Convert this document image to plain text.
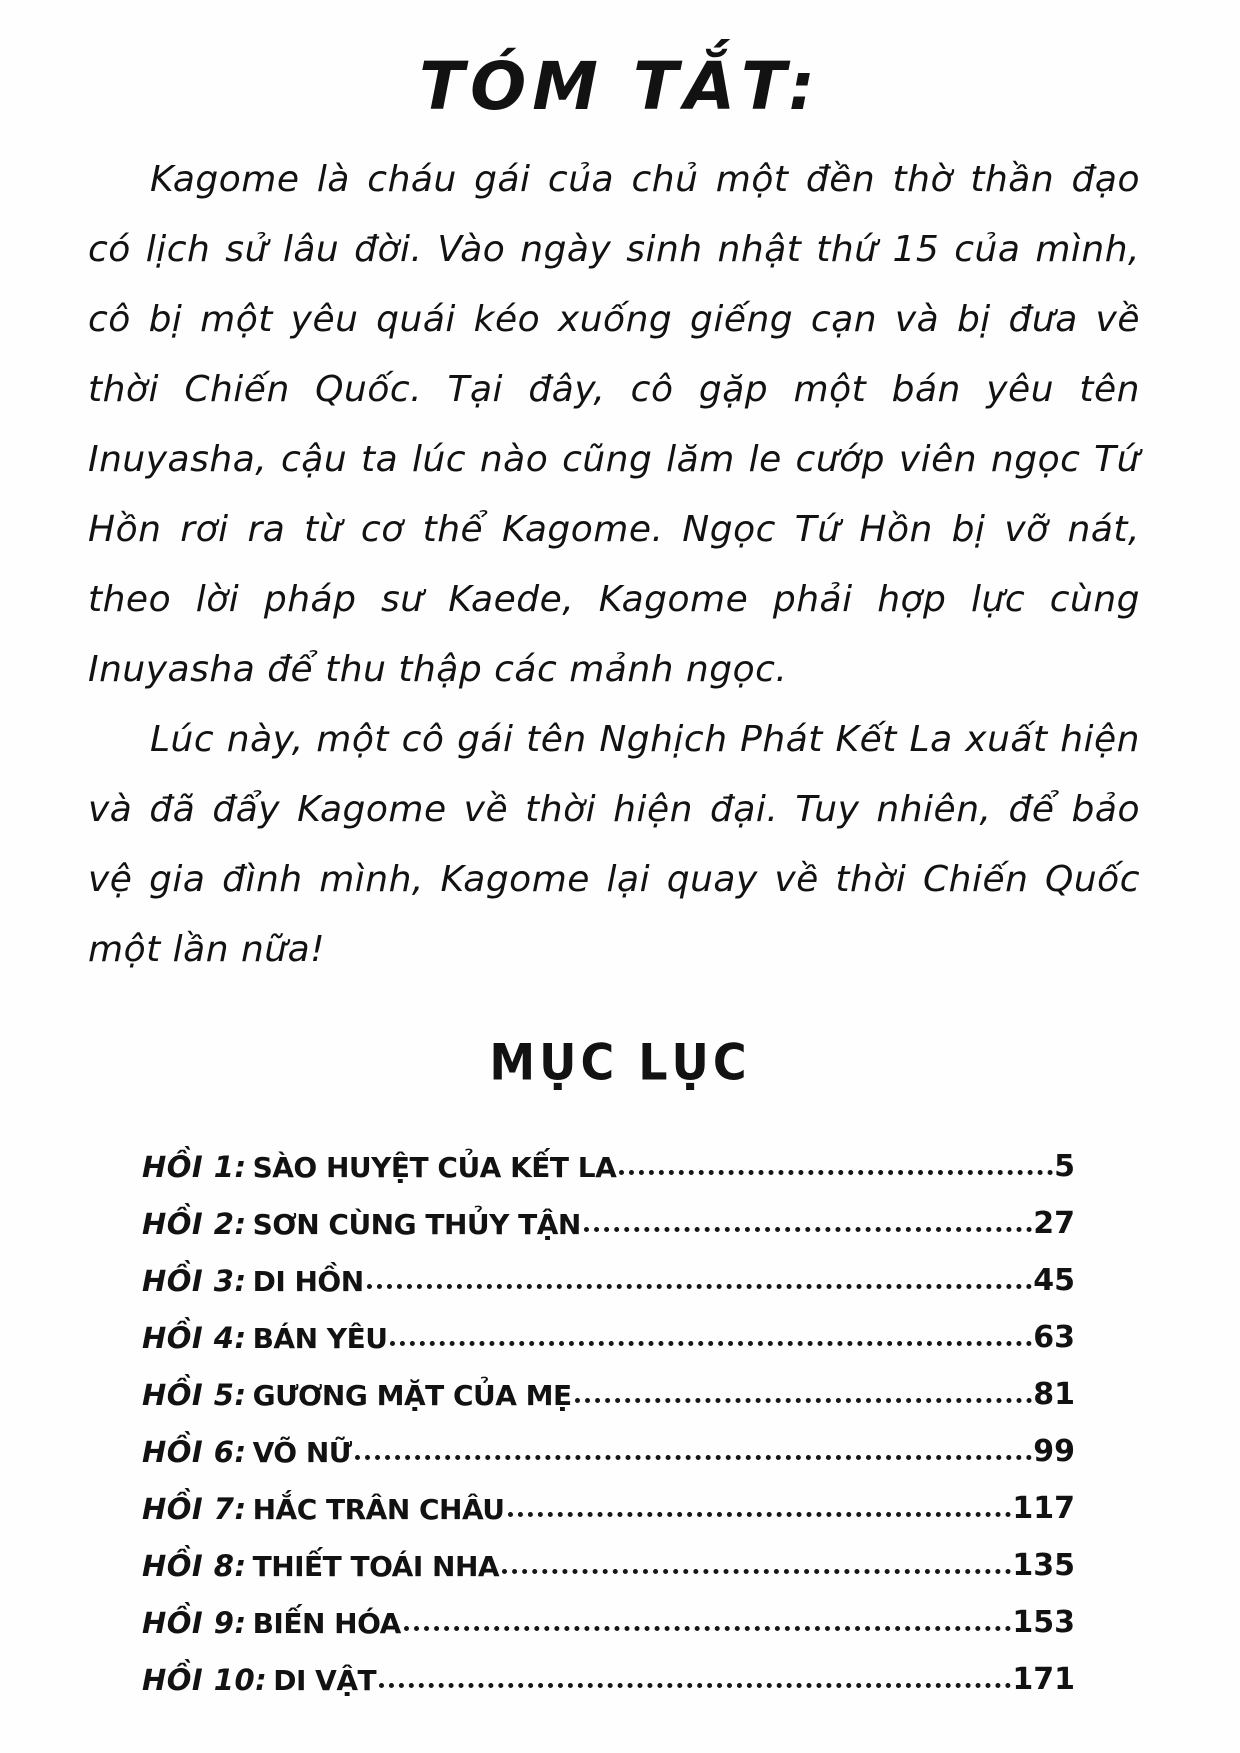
TÓM TẮT:

Kagome là cháu gái của chủ một đền thờ thần đạo có lịch sử lâu đời. Vào ngày sinh nhật thứ 15 của mình, cô bị một yêu quái kéo xuống giếng cạn và bị đưa về thời Chiến Quốc. Tại đây, cô gặp một bán yêu tên Inuyasha, cậu ta lúc nào cũng lăm le cướp viên ngọc Tứ Hồn rơi ra từ cơ thể Kagome. Ngọc Tứ Hồn bị vỡ nát, theo lời pháp sư Kaede, Kagome phải hợp lực cùng Inuyasha để thu thập các mảnh ngọc.

Lúc này, một cô gái tên Nghịch Phát Kết La xuất hiện và đã đẩy Kagome về thời hiện đại. Tuy nhiên, để bảo vệ gia đình mình, Kagome lại quay về thời Chiến Quốc một lần nữa!

MỤC LỤC
HỒI 1: SÀO HUYỆT CỦA KẾT LA	5
HỒI 2: SƠN CÙNG THỦY TẬN	27
HỒI 3: DI HỒN	45
HỒI 4: BÁN YÊU	63
HỒI 5: GƯƠNG MẶT CỦA MẸ	81
HỒI 6: VÕ NỮ	99
HỒI 7: HẮC TRÂN CHÂU	117
HỒI 8: THIẾT TOÁI NHA	135
HỒI 9: BIẾN HÓA	153
HỒI 10: DI VẬT	171
